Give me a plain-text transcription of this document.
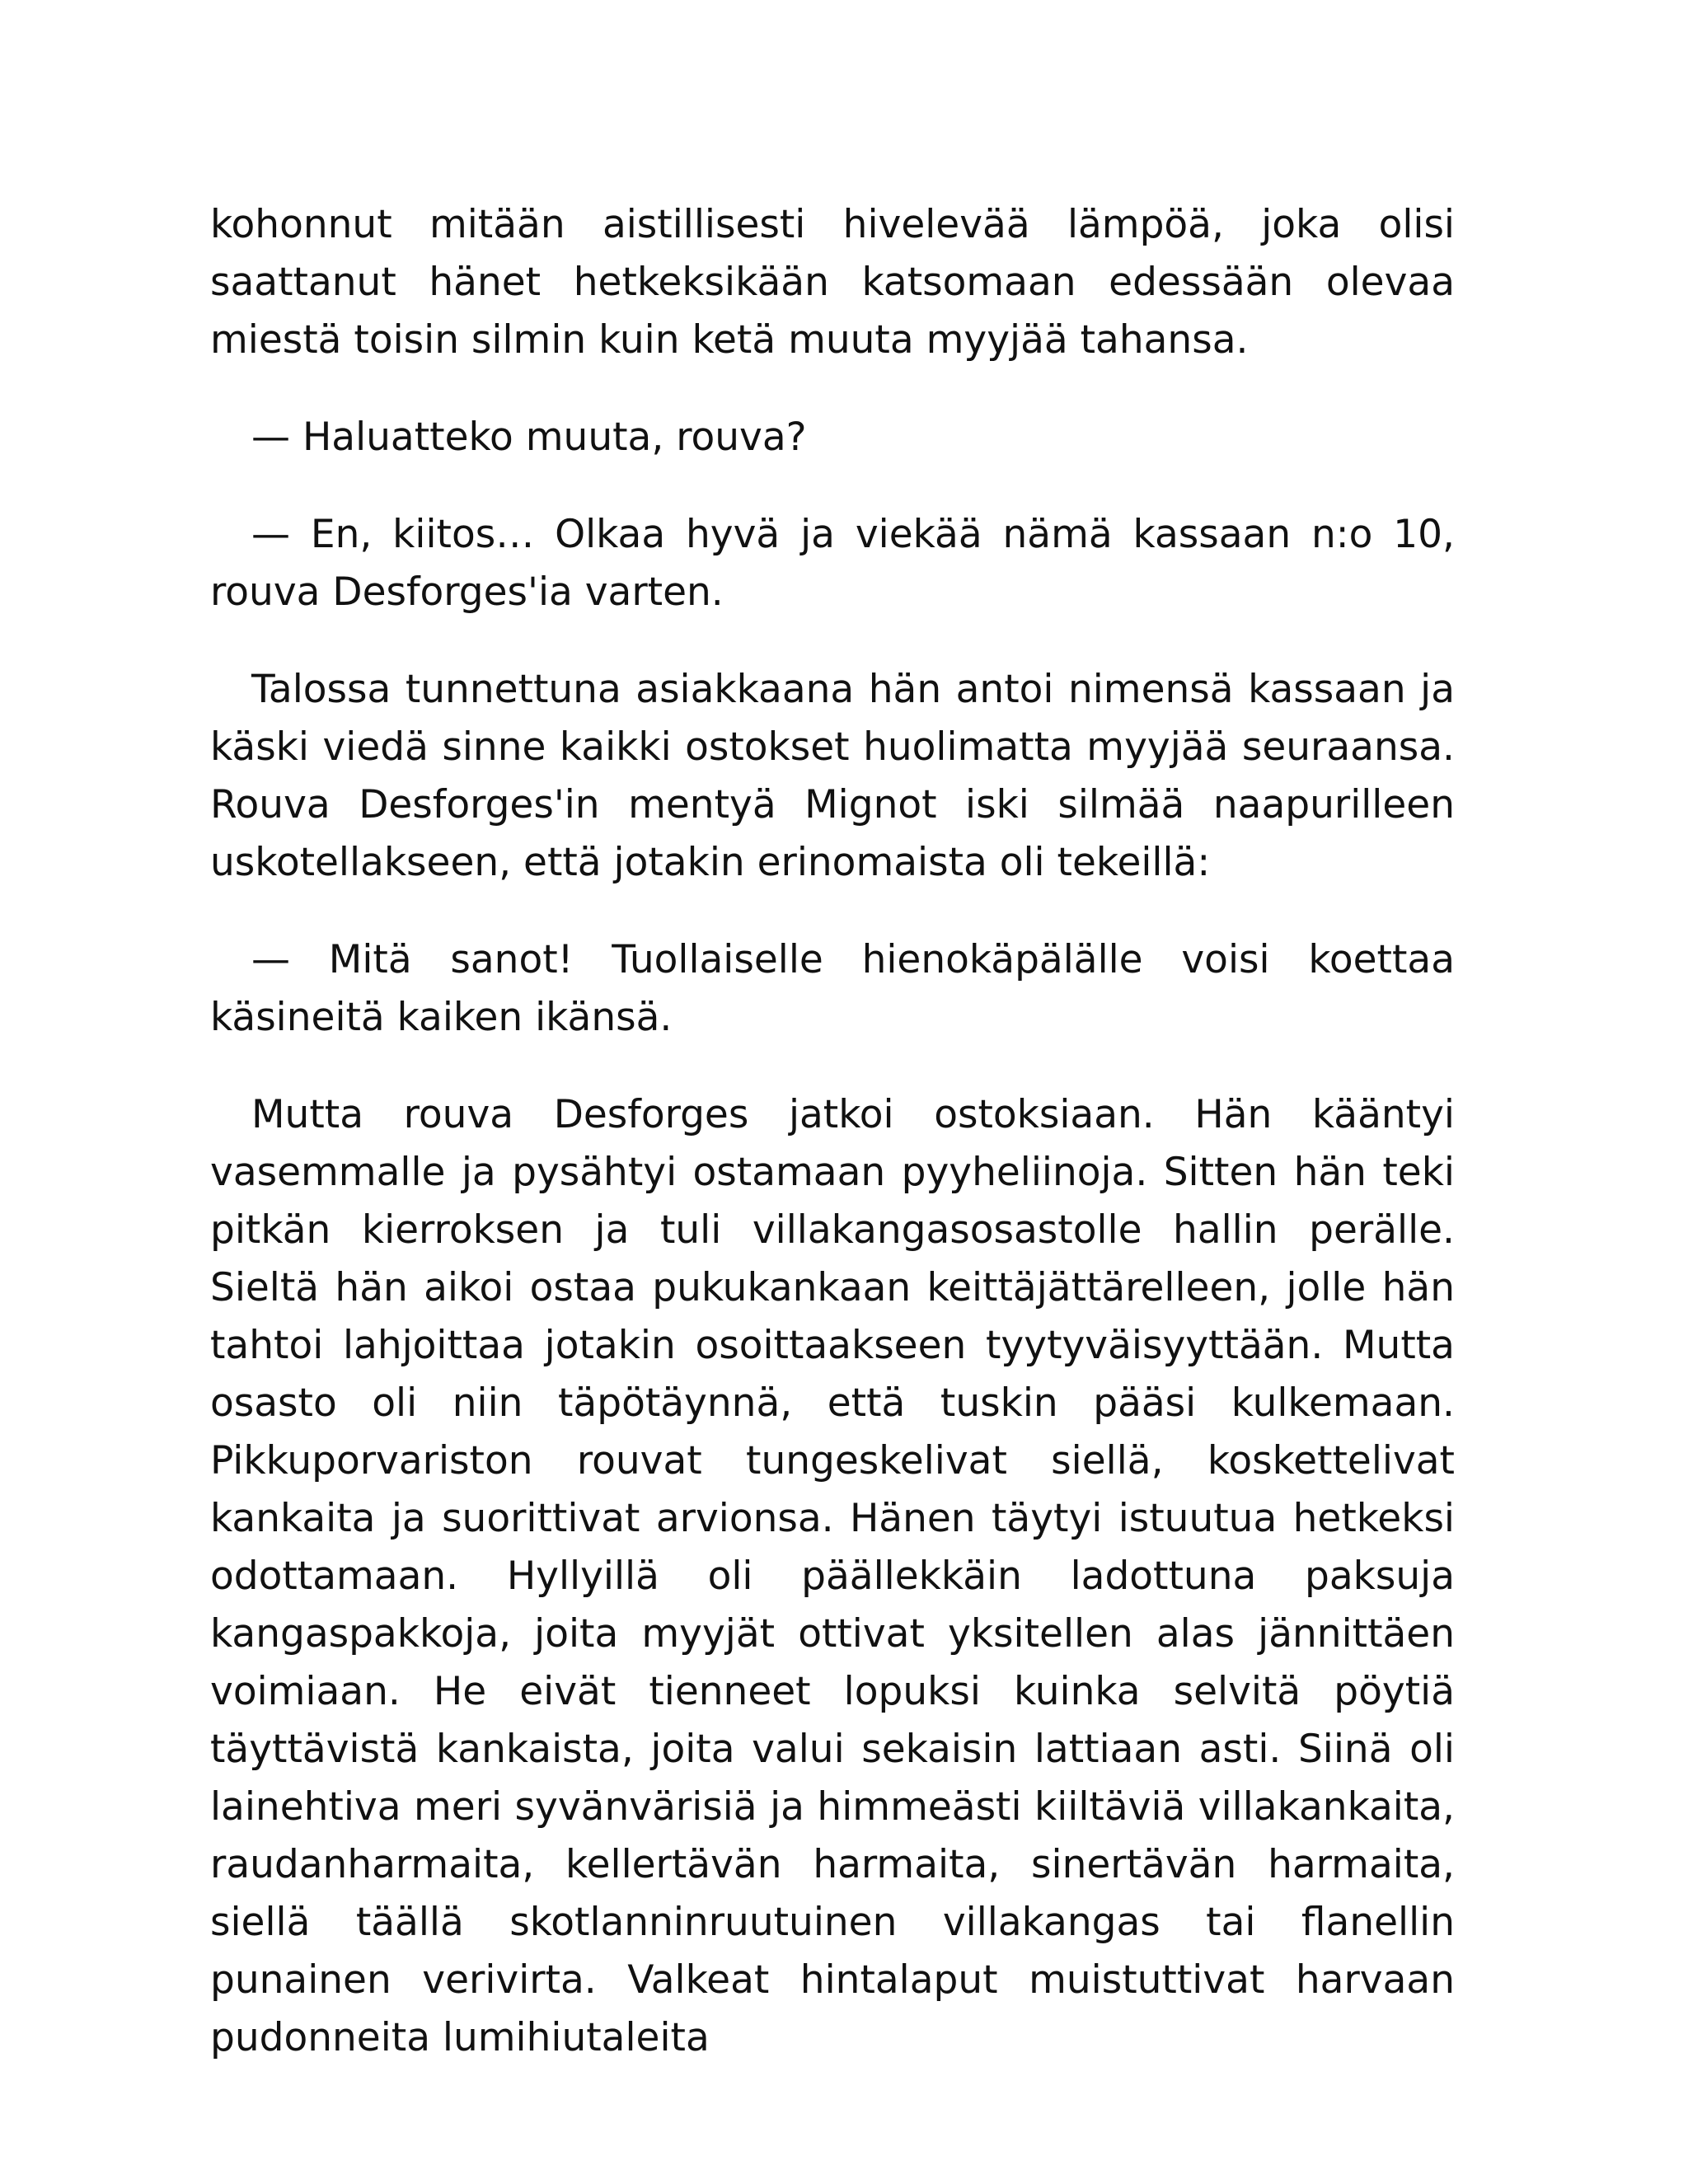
kohonnut mitään aistillisesti hivelevää lämpöä, joka olisi saattanut hänet hetkeksikään katsomaan edessään olevaa miestä toisin silmin kuin ketä muuta myyjää tahansa.

— Haluatteko muuta, rouva?

— En, kiitos… Olkaa hyvä ja viekää nämä kassaan n:o 10, rouva Desforges'ia varten.

Talossa tunnettuna asiakkaana hän antoi nimensä kassaan ja käski viedä sinne kaikki ostokset huolimatta myyjää seuraansa. Rouva Desforges'in mentyä Mignot iski silmää naapurilleen uskotellakseen, että jotakin erinomaista oli tekeillä:

— Mitä sanot! Tuollaiselle hienokäpälälle voisi koettaa käsineitä kaiken ikänsä.

Mutta rouva Desforges jatkoi ostoksiaan. Hän kääntyi vasemmalle ja pysähtyi ostamaan pyyheliinoja. Sitten hän teki pitkän kierroksen ja tuli villakangasosastolle hallin perälle. Sieltä hän aikoi ostaa pukukankaan keittäjättärelleen, jolle hän tahtoi lahjoittaa jotakin osoittaakseen tyytyväisyyttään. Mutta osasto oli niin täpötäynnä, että tuskin pääsi kulkemaan. Pikkuporvariston rouvat tungeskelivat siellä, koskettelivat kankaita ja suorittivat arvionsa. Hänen täytyi istuutua hetkeksi odottamaan. Hyllyillä oli päällekkäin ladottuna paksuja kangaspakkoja, joita myyjät ottivat yksitellen alas jännittäen voimiaan. He eivät tienneet lopuksi kuinka selvitä pöytiä täyttävistä kankaista, joita valui sekaisin lattiaan asti. Siinä oli lainehtiva meri syvänvärisiä ja himmeästi kiiltäviä villakankaita, raudanharmaita, kellertävän harmaita, sinertävän harmaita, siellä täällä skotlanninruutuinen villakangas tai flanellin punainen verivirta. Valkeat hintalaput muistuttivat harvaan pudonneita lumihiutaleita
